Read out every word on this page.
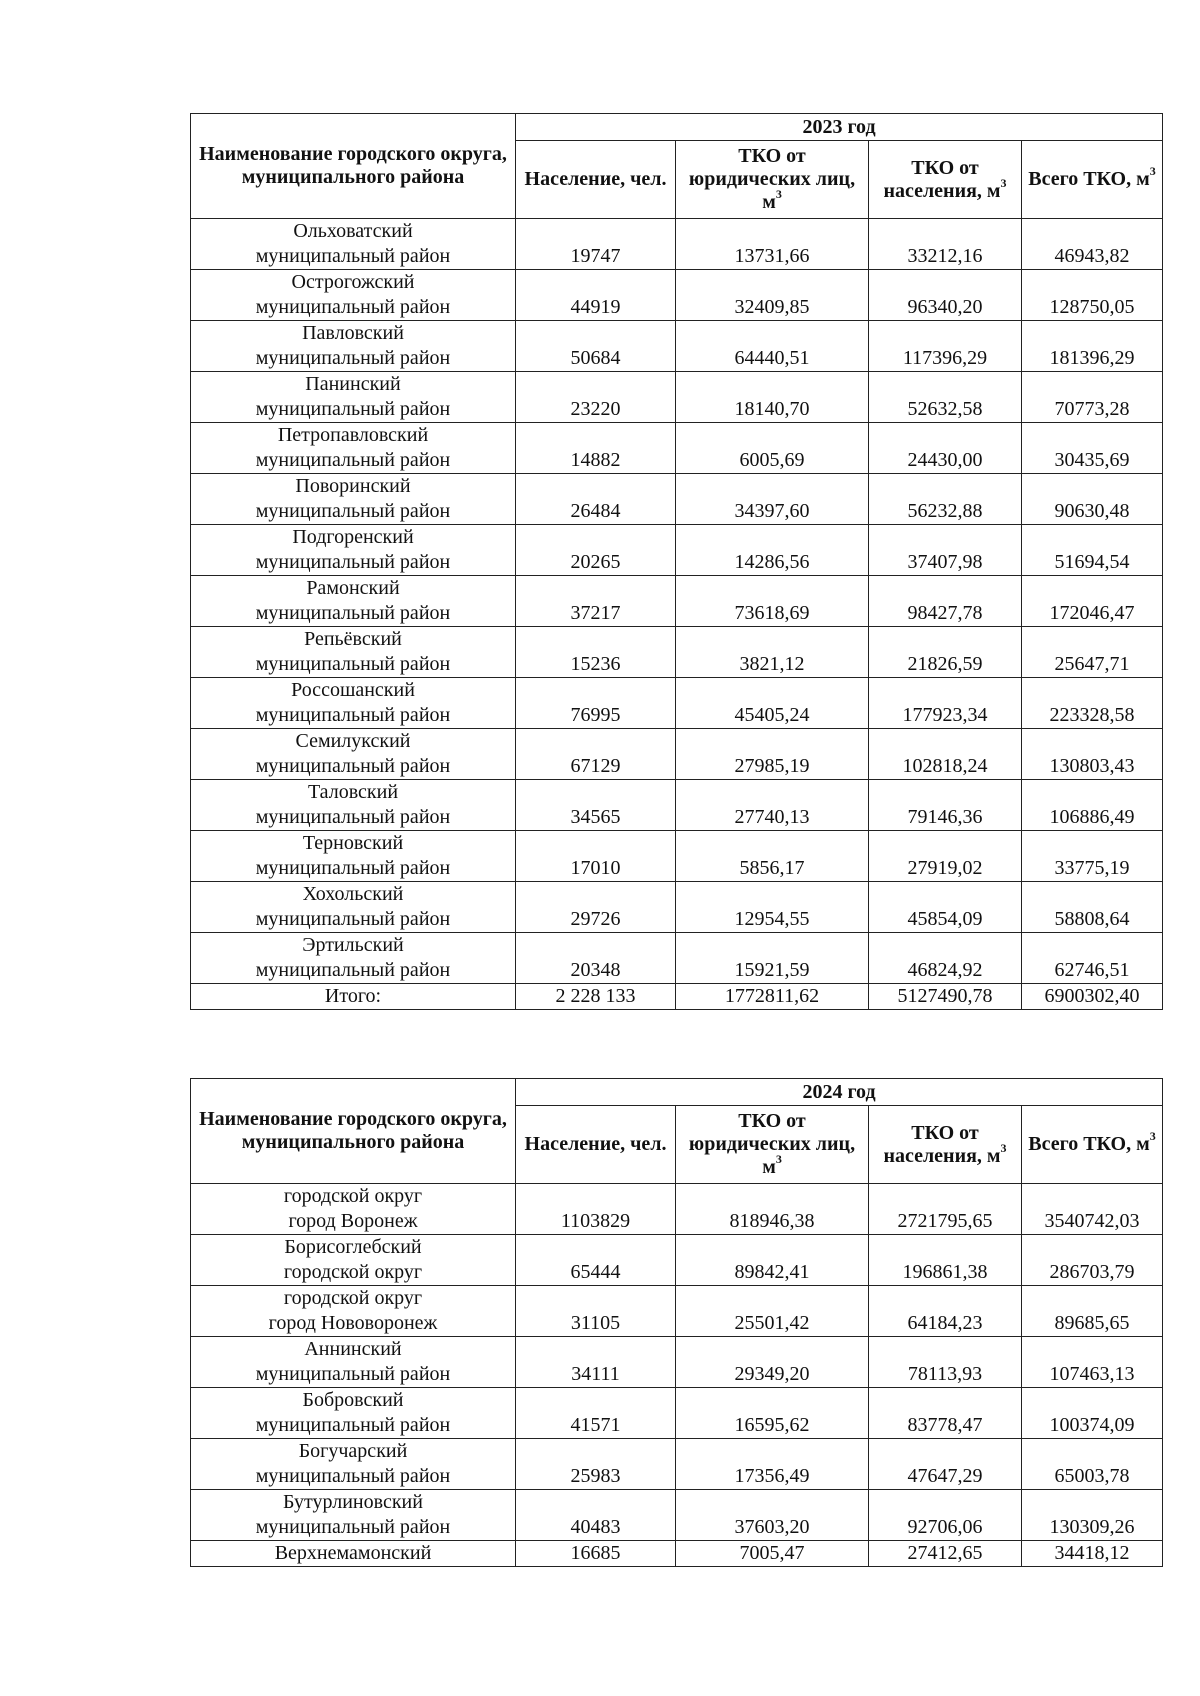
Наименование городского округа, муниципального района	2023 год			
	Население, чел.	ТКО от юридических лиц, $м^3$	ТКО от населения, $м^3$	Всего ТКО, $м^3$

Ольховатский
муниципальный район	19747	13731,66	33212,16	46943,82

Острогожский
муниципальный район	44919	32409,85	96340,20	128750,05

Павловский
муниципальный район	50684	64440,51	117396,29	181396,29

Панинский
муниципальный район	23220	18140,70	52632,58	70773,28

Петропавловский
муниципальный район	14882	6005,69	24430,00	30435,69

Поворинский
муниципальный район	26484	34397,60	56232,88	90630,48

Подгоренский
муниципальный район	20265	14286,56	37407,98	51694,54

Рамонский
муниципальный район	37217	73618,69	98427,78	172046,47

Репьёвский
муниципальный район	15236	3821,12	21826,59	25647,71

Россошанский
муниципальный район	76995	45405,24	177923,34	223328,58

Семилукский
муниципальный район	67129	27985,19	102818,24	130803,43

Таловский
муниципальный район	34565	27740,13	79146,36	106886,49

Терновский
муниципальный район	17010	5856,17	27919,02	33775,19

Хохольский
муниципальный район	29726	12954,55	45854,09	58808,64

Эртильский
муниципальный район	20348	15921,59	46824,92	62746,51
Итого:	2 228 133	1772811,62	5127490,78	6900302,40
Наименование городского округа, муниципального района	2024 год			
	Население, чел.	ТКО от юридических лиц, $м^3$	ТКО от населения, $м^3$	Всего ТКО, $м^3$

городской округ
город Воронеж	1103829	818946,38	2721795,65	3540742,03

Борисоглебский
городской округ	65444	89842,41	196861,38	286703,79

городской округ
город Нововоронеж	31105	25501,42	64184,23	89685,65

Аннинский
муниципальный район	34111	29349,20	78113,93	107463,13

Бобровский
муниципальный район	41571	16595,62	83778,47	100374,09

Богучарский
муниципальный район	25983	17356,49	47647,29	65003,78

Бутурлиновский
муниципальный район	40483	37603,20	92706,06	130309,26
Верхнемамонский	16685	7005,47	27412,65	34418,12
